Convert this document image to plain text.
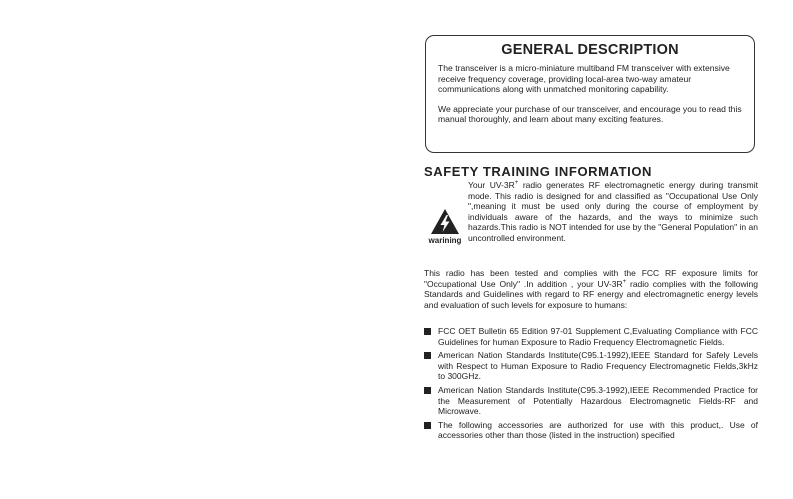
GENERAL DESCRIPTION

The transceiver is a micro-miniature multiband FM transceiver with extensive receive frequency coverage, providing local-area two-way amateur communications along with unmatched monitoring capability.

We appreciate your purchase of our transceiver, and encourage you to read this manual thoroughly, and learn about many exciting features.

SAFETY TRAINING INFORMATION
warining

Your UV-3R+ radio generates RF electromagnetic energy during transmit mode. This radio is designed for and classified as "Occupational Use Only ",meaning it must be used only during the course of employment by individuals aware of the hazards, and the ways to minimize such hazards.This radio is NOT intended for use by the "General Population" in an uncontrolled environment.

This radio has been tested and complies with the FCC RF exposure limits for "Occupational Use Only" .In addition , your UV-3R+ radio complies with the following Standards and Guidelines with regard to RF energy and electromagnetic energy levels and evaluation of such levels for exposure to humans:

FCC OET Bulletin 65 Edition 97-01 Supplement C,Evaluating Compliance with FCC Guidelines for human Exposure to Radio Frequency Electromagnetic Fields.
American Nation Standards Institute(C95.1-1992),IEEE Standard for Safely Levels with Respect to Human Exposure to Radio Frequency Electromagnetic Fields,3kHz to 300GHz.
American Nation Standards Institute(C95.3-1992),IEEE Recommended Practice for the Measurement of Potentially Hazardous Electromagnetic Fields-RF and Microwave.
The following accessories are authorized for use with this product,. Use of accessories other than those (listed in the instruction) specified
